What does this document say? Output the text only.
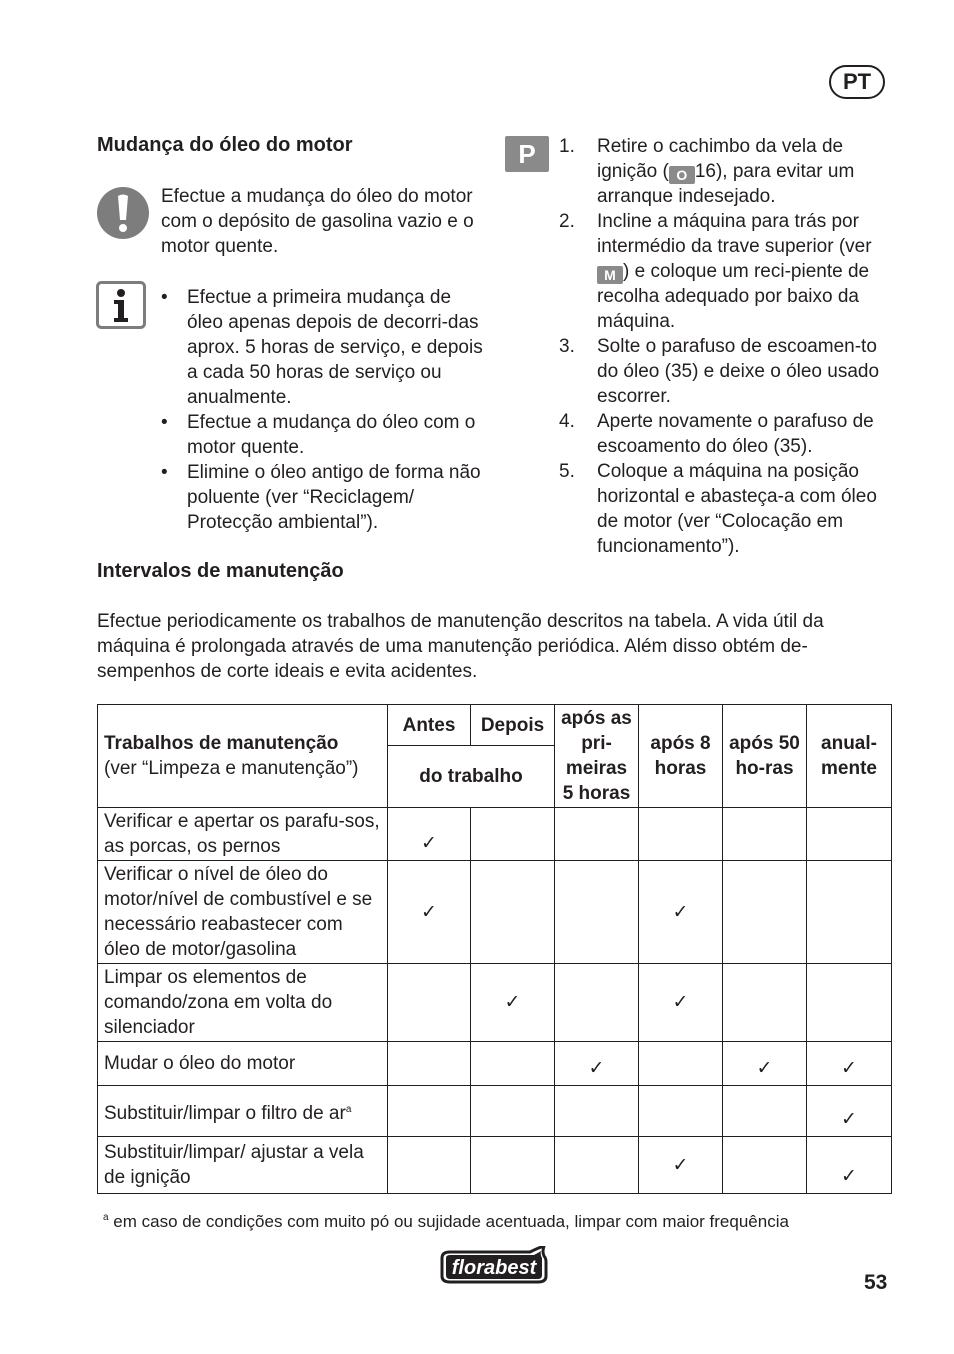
PT
Mudança do óleo do motor
Efectue a mudança do óleo do motor com o depósito de gasolina vazio e o motor quente.
• Efectue a primeira mudança de óleo apenas depois de decorri-das aprox. 5 horas de serviço, e depois a cada 50 horas de serviço ou anualmente.
• Efectue a mudança do óleo com o motor quente.
• Elimine o óleo antigo de forma não poluente (ver “Reciclagem/ Protecção ambiental”).
P	1. Retire o cachimbo da vela de ignição ( O 16), para evitar um arranque indesejado.
2. Incline a máquina para trás por intermédio da trave superior (ver M ) e coloque um reci-piente de recolha adequado por baixo da máquina.
3. Solte o parafuso de escoamen-to do óleo (35) e deixe o óleo usado escorrer.
4. Aperte novamente o parafuso de escoamento do óleo (35).
5. Coloque a máquina na posição horizontal e abasteça-a com óleo de motor (ver “Colocação em funcionamento”).
Intervalos de manutenção
Efectue periodicamente os trabalhos de manutenção descritos na tabela. A vida útil da máquina é prolongada através de uma manutenção periódica. Além disso obtém de-sempenhos de corte ideais e evita acidentes.
Trabalhos de manutenção
(ver “Limpeza e manutenção”)	Antes	Depois	após as pri-meiras 5 horas	após 8 horas	após 50 ho-ras	anual-mente
	do trabalho					
Verificar e apertar os parafu-sos, as porcas, os pernos	✓					
Verificar o nível de óleo do motor/nível de combustível e se necessário reabastecer com óleo de motor/gasolina	✓			✓		
Limpar os elementos de comando/zona em volta do silenciador		✓		✓		
Mudar o óleo do motor			✓		✓	✓
Substituir/limpar o filtro de $ar^a$						✓
Substituir/limpar/ ajustar a vela de ignição				✓		✓
$^a$ em caso de condições com muito pó ou sujidade acentuada, limpar com maior frequência
florabest
53
